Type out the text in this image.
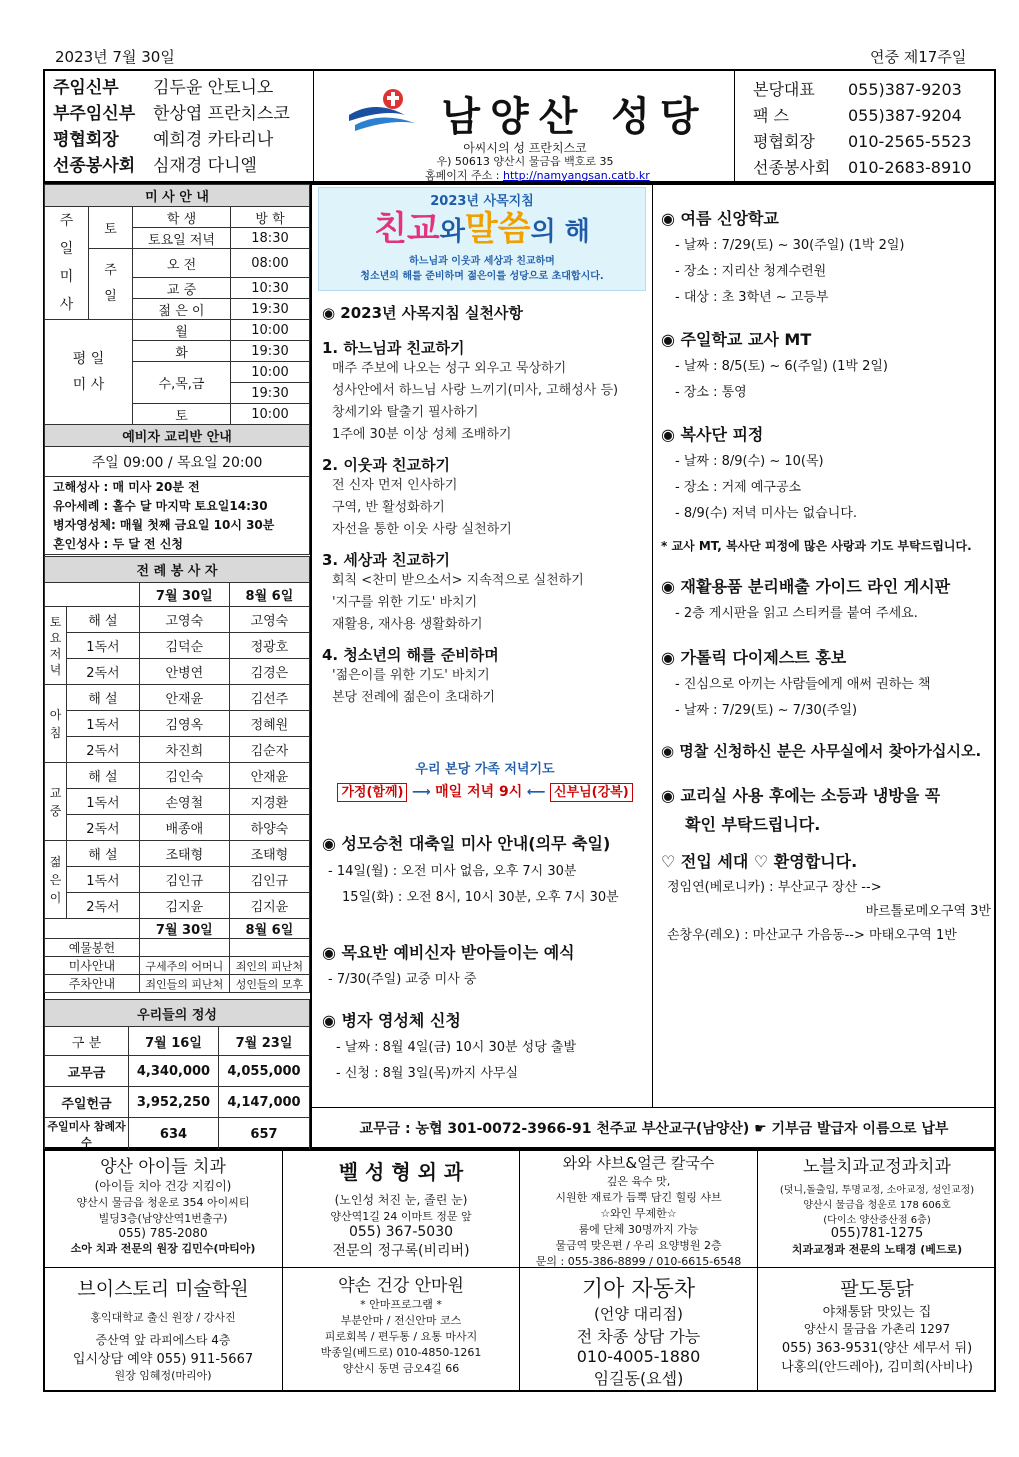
2023년 7월 30일	연중 제17주일
주임신부 김두윤 안토니오
부주임신부 한상엽 프란치스코
평협회장 예희경 카타리나
선종봉사회 심재경 다니엘
남양산 성당
아씨시의 성 프란치스코
우) 50613 양산시 물금읍 백호로 35
홈페이지 주소 : http://namyangsan.catb.kr
본당대표 055)387-9203
팩 스	055)387-9204
평협회장 010-2565-5523
선종봉사회 010-2683-8910
미 사 안 내			
주
일
미
사	토	학 생	방 학
		토요일 저녁	18:30
	주
일	오 전	08:00
		교 중	10:30
		젊 은 이	19:30
평 일
미 사		월	10:00
		화	19:30
		수,목,금	10:00
			19:30
		토	10:00
예비자 교리반 안내			
주일 09:00 / 목요일 20:00			

고해성사 : 매 미사 20분 전
유아세례 : 홀수 달 마지막 토요일14:30
병자영성체: 매월 첫째 금요일 10시 30분
혼인성사 : 두 달 전 신청			
전 례 봉 사 자			
		7월 30일	8월 6일
토
요
저
녁	해 설	고영숙	고영숙
	1독서	김덕순	정광호
	2독서	안병연	김경은
아
침	해 설	안재윤	김선주
	1독서	김영옥	정혜원
	2독서	차진희	김순자
교
중	해 설	김인숙	안재윤
	1독서	손영철	지경환
	2독서	배종애	하양숙
젊
은
이	해 설	조태형	조태형
	1독서	김인규	김인규
	2독서	김지윤	김지윤
		7월 30일	8월 6일
예물봉헌			
미사안내		구세주의 어머니	죄인의 피난처
주차안내		죄인들의 피난처	성인들의 모후
우리들의 정성		
구 분	7월 16일	7월 23일
교무금	4,340,000	4,055,000
주일헌금	3,952,250	4,147,000
주일미사 참례자수	634	657
2023년 사목지침
친교와말씀의 해
하느님과 이웃과 세상과 친교하며
청소년의 해를 준비하며 젊은이를 성당으로 초대합시다.
◉ 2023년 사목지침 실천사항
1. 하느님과 친교하기
매주 주보에 나오는 성구 외우고 묵상하기
성사안에서 하느님 사랑 느끼기(미사, 고해성사 등)
창세기와 탈출기 필사하기
1주에 30분 이상 성체 조배하기
2. 이웃과 친교하기
전 신자 먼저 인사하기
구역, 반 활성화하기
자선을 통한 이웃 사랑 실천하기
3. 세상과 친교하기
회칙 <찬미 받으소서> 지속적으로 실천하기
'지구를 위한 기도' 바치기
재활용, 재사용 생활화하기
4. 청소년의 해를 준비하며
'젊은이를 위한 기도' 바치기
본당 전례에 젊은이 초대하기
우리 본당 가족 저녁기도
가정(함께) ⟶ 매일 저녁 9시 ⟵ 신부님(강복)
◉ 성모승천 대축일 미사 안내(의무 축일)
- 14일(월) : 오전 미사 없음, 오후 7시 30분
15일(화) : 오전 8시, 10시 30분, 오후 7시 30분
◉ 목요반 예비신자 받아들이는 예식
- 7/30(주일) 교중 미사 중
◉ 병자 영성체 신청
- 날짜 : 8월 4일(금) 10시 30분 성당 출발
- 신청 : 8월 3일(목)까지 사무실
◉ 여름 신앙학교
- 날짜 : 7/29(토) ~ 30(주일) (1박 2일)
- 장소 : 지리산 청계수련원
- 대상 : 초 3학년 ~ 고등부
◉ 주일학교 교사 MT
- 날짜 : 8/5(토) ~ 6(주일) (1박 2일)
- 장소 : 통영
◉ 복사단 피정
- 날짜 : 8/9(수) ~ 10(목)
- 장소 : 거제 예구공소
- 8/9(수) 저녁 미사는 없습니다.
* 교사 MT, 복사단 피정에 많은 사랑과 기도 부탁드립니다.
◉ 재활용품 분리배출 가이드 라인 게시판
- 2층 게시판을 읽고 스티커를 붙여 주세요.
◉ 가톨릭 다이제스트 홍보
- 진심으로 아끼는 사람들에게 애써 권하는 책
- 날짜 : 7/29(토) ~ 7/30(주일)
◉ 명찰 신청하신 분은 사무실에서 찾아가십시오.
◉ 교리실 사용 후에는 소등과 냉방을 꼭
확인 부탁드립니다.
♡ 전입 세대 ♡ 환영합니다.
정임연(베로니카) : 부산교구 장산 -->
바르톨로메오구역 3반
손창우(레오) : 마산교구 가음동--> 마태오구역 1반
교무금 : 농협 301-0072-3966-91 천주교 부산교구(남양산) ☛ 기부금 발급자 이름으로 납부
양산 아이들 치과
(아이들 치아 건강 지킴이)
양산시 물금읍 청운로 354 아이씨티
빌딩3층(남양산역1번출구)
055) 785-2080
소아 치과 전문의 원장 김민수(마티아)
벨 성 형 외 과
(노인성 처진 눈, 졸린 눈)
양산역1길 24 이마트 정문 앞
055) 367-5030
전문의 정구록(비리버)
와와 샤브&얼큰 칼국수
깊은 육수 맛,
시원한 재료가 듬뿍 담긴 힐링 샤브
☆와인 무제한☆
룸에 단체 30명까지 가능
물금역 맞은편 / 우리 요양병원 2층
문의 : 055-386-8899 / 010-6615-6548
노블치과교정과치과
(덧니,돌출입, 투명교정, 소아교정, 성인교정)
양산시 물금읍 청운로 178 606호
(다이소 양산증산점 6층)
055)781-1275
치과교정과 전문의 노태경 (베드로)
브이스토리 미술학원
홍익대학교 출신 원장 / 강사진
증산역 앞 라피에스타 4층
입시상담 예약 055) 911-5667
원장 임혜정(마리아)
약손 건강 안마원
* 안마프로그램 *
부분안마 / 전신안마 코스
피로회복 / 편두통 / 요통 마사지
박종일(베드로) 010-4850-1261
양산시 동면 금오4길 66
기아 자동차
(언양 대리점)
전 차종 상담 가능
010-4005-1880
임길동(요셉)
팔도통닭
야채통닭 맛있는 집
양산시 물금읍 가촌리 1297
055) 363-9531(양산 세무서 뒤)
나홍의(안드레아), 김미희(사비나)
